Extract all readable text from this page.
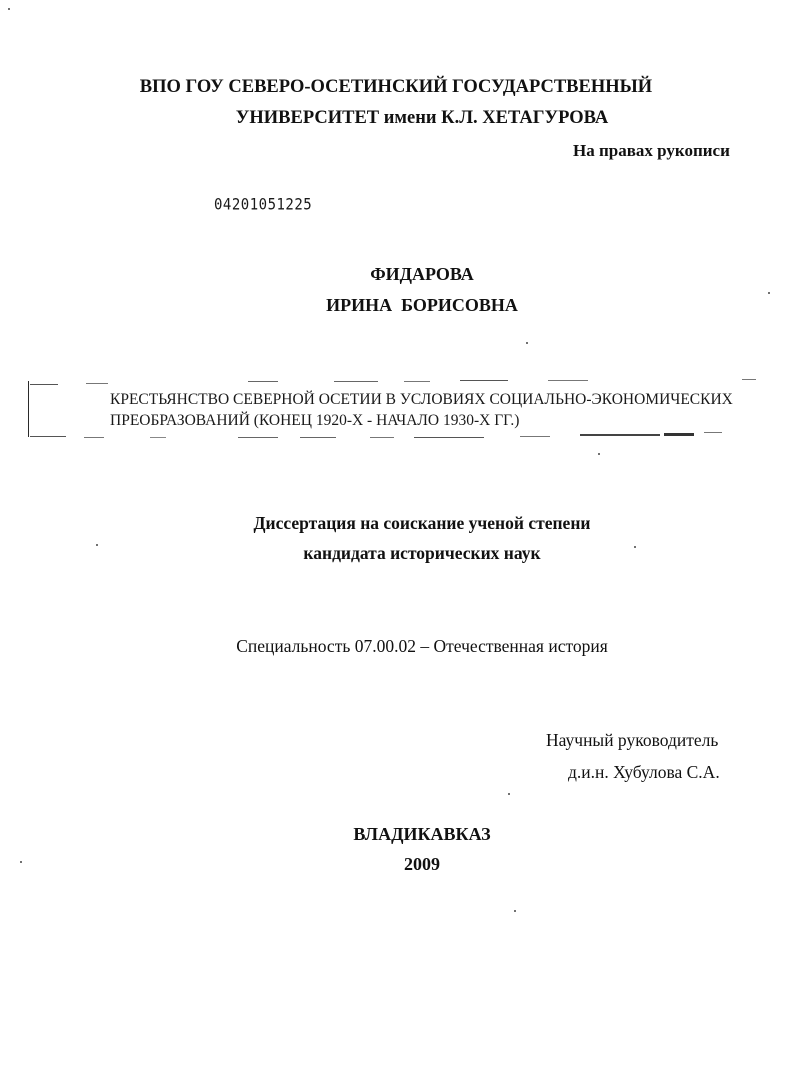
ВПО ГОУ СЕВЕРО-ОСЕТИНСКИЙ ГОСУДАРСТВЕННЫЙ
УНИВЕРСИТЕТ имени К.Л. ХЕТАГУРОВА
На правах рукописи
04201051225
ФИДАРОВА
ИРИНА  БОРИСОВНА
КРЕСТЬЯНСТВО СЕВЕРНОЙ ОСЕТИИ В УСЛОВИЯХ СОЦИАЛЬНО-ЭКОНОМИЧЕСКИХ
ПРЕОБРАЗОВАНИЙ (КОНЕЦ 1920-Х - НАЧАЛО 1930-Х ГГ.)
Диссертация на соискание ученой степени
кандидата исторических наук
Специальность 07.00.02 – Отечественная история
Научный руководитель
д.и.н. Хубулова С.А.
ВЛАДИКАВКАЗ
2009
